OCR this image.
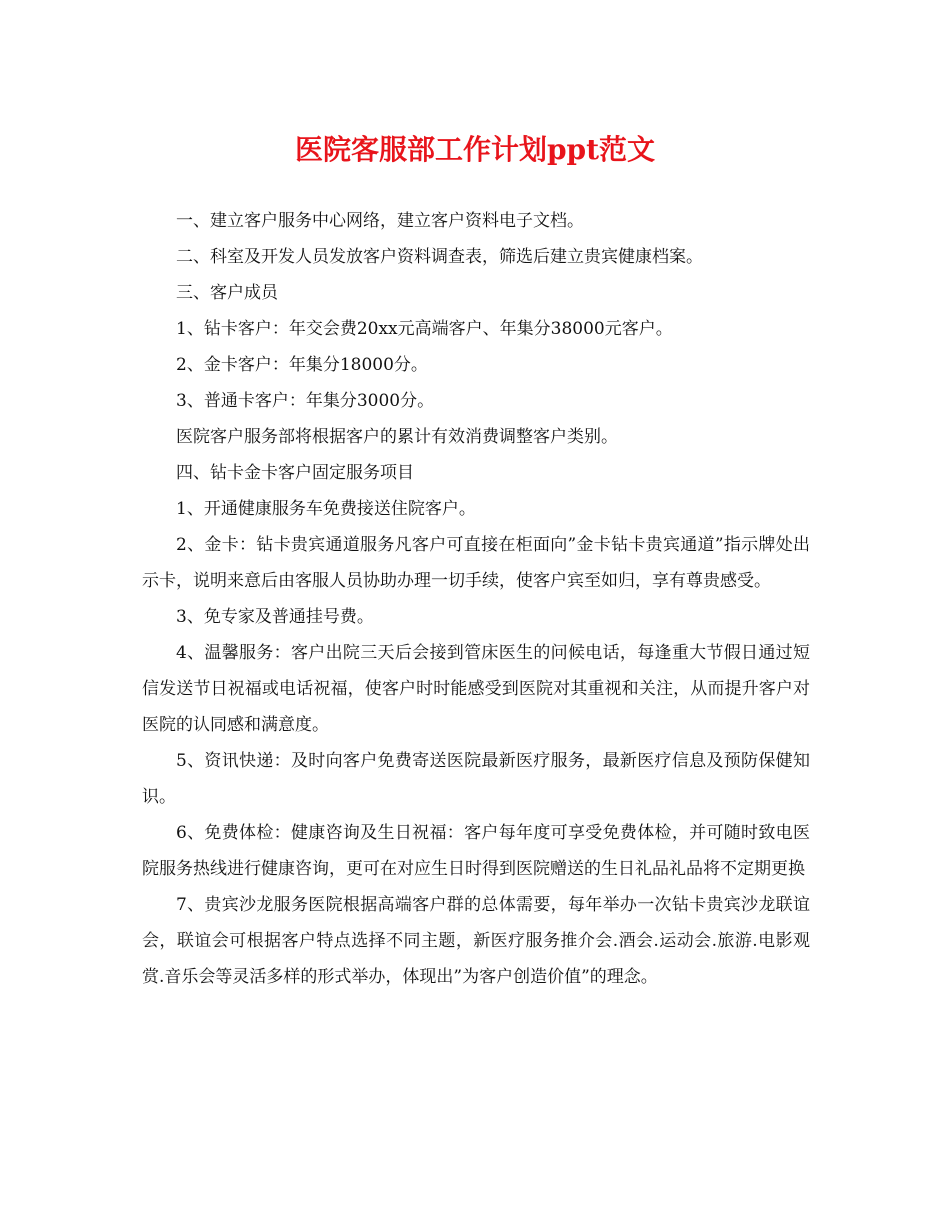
医院客服部工作计划ppt范文

一、建立客户服务中心网络，建立客户资料电子文档。

二、科室及开发人员发放客户资料调查表，筛选后建立贵宾健康档案。

三、客户成员

1、钻卡客户：年交会费20xx元高端客户、年集分38000元客户。

2、金卡客户：年集分18000分。

3、普通卡客户：年集分3000分。

医院客户服务部将根据客户的累计有效消费调整客户类别。

四、钻卡金卡客户固定服务项目

1、开通健康服务车免费接送住院客户。

2、金卡：钻卡贵宾通道服务凡客户可直接在柜面向”金卡钻卡贵宾通道”指示牌处出示卡，说明来意后由客服人员协助办理一切手续，使客户宾至如归，享有尊贵感受。

3、免专家及普通挂号费。

4、温馨服务：客户出院三天后会接到管床医生的问候电话，每逢重大节假日通过短信发送节日祝福或电话祝福，使客户时时能感受到医院对其重视和关注，从而提升客户对医院的认同感和满意度。

5、资讯快递：及时向客户免费寄送医院最新医疗服务，最新医疗信息及预防保健知识。

6、免费体检：健康咨询及生日祝福：客户每年度可享受免费体检，并可随时致电医院服务热线进行健康咨询，更可在对应生日时得到医院赠送的生日礼品礼品将不定期更换

7、贵宾沙龙服务医院根据高端客户群的总体需要，每年举办一次钻卡贵宾沙龙联谊会，联谊会可根据客户特点选择不同主题，新医疗服务推介会.酒会.运动会.旅游.电影观赏.音乐会等灵活多样的形式举办，体现出”为客户创造价值”的理念。
